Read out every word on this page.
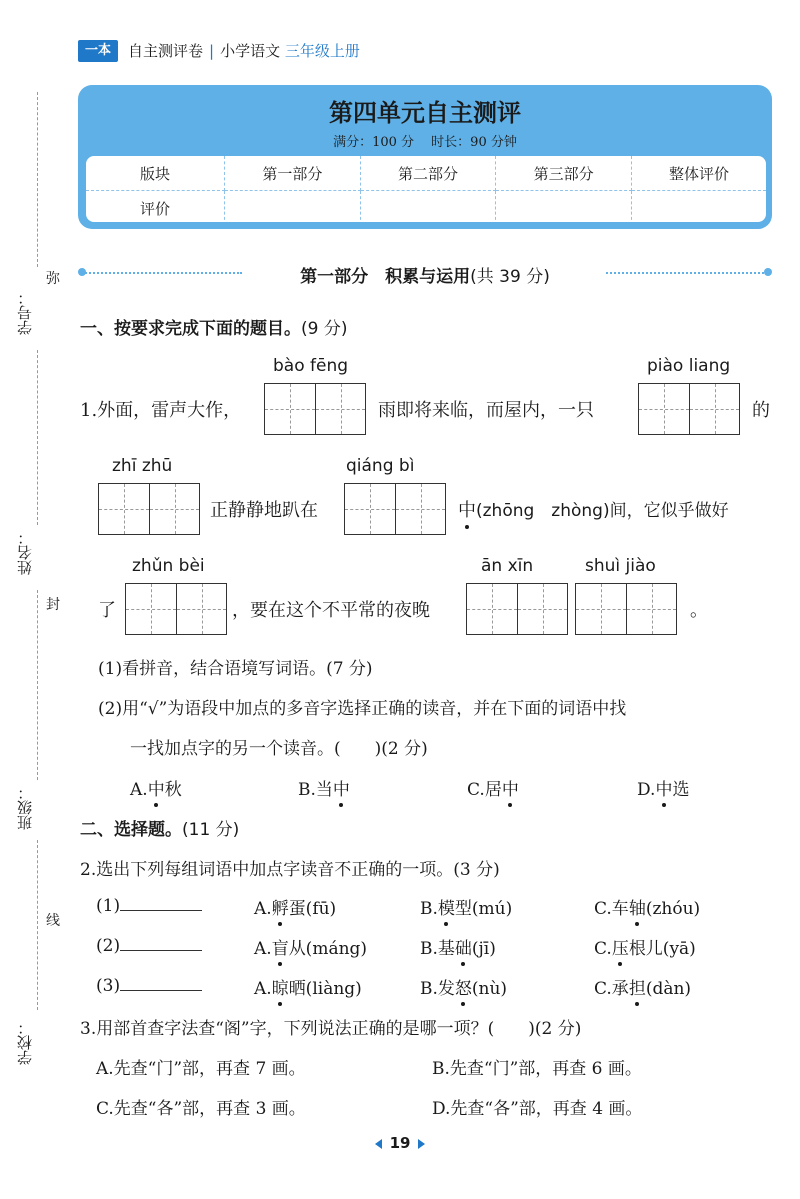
一本	自主测评卷 | 小学语文 三年级上册
第四单元自主测评
满分：100 分　 时长：90 分钟
版块	第一部分	第二部分	第三部分	整体评价
评价				
学号：
姓名：
班级：
学校：
弥
封
线
第一部分　积累与运用(共 39 分)
一、按要求完成下面的题目。(9 分)
bào fēng	piào liang
1.外面，雷声大作，	雨即将来临，而屋内，一只	的
zhī zhū	qiáng bì
正静静地趴在	中(zhōng　zhòng)间，它似乎做好
zhǔn bèi	ān xīn	shuì jiào
了	，要在这个不平常的夜晚	。
(1)看拼音，结合语境写词语。(7 分)
(2)用“√”为语段中加点的多音字选择正确的读音，并在下面的词语中找
一找加点字的另一个读音。(　　)(2 分)
A.中秋	B.当中	C.居中	D.中选
二、选择题。(11 分)
2.选出下列每组词语中加点字读音不正确的一项。(3 分)
(1)	A.孵蛋(fū)	B.模型(mú)	C.车轴(zhóu)
(2)	A.盲从(máng)	B.基础(jī)	C.压根儿(yā)
(3)	A.晾晒(liàng)	B.发怒(nù)	C.承担(dàn)
3.用部首查字法查“阁”字，下列说法正确的是哪一项？(　　)(2 分)
A.先查“门”部，再查 7 画。	B.先查“门”部，再查 6 画。
C.先查“各”部，再查 3 画。	D.先查“各”部，再查 4 画。
19
